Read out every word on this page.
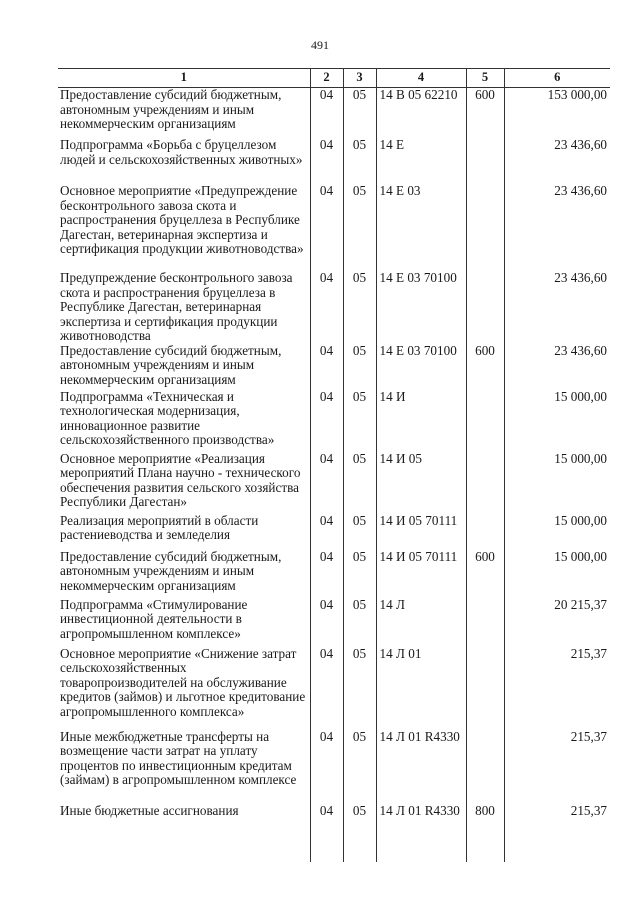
491
1	2	3	4	5	6
Предоставление субсидий бюджетным, автономным учреждениям и иным некоммерческим организациям	04	05	14 В 05 62210	600	153 000,00
Подпрограмма «Борьба с бруцеллезом людей и сельскохозяйственных животных»	04	05	14 Е		23 436,60
Основное мероприятие «Предупреждение бесконтрольного завоза скота и распространения бруцеллеза в Республике Дагестан, ветеринарная экспертиза и сертификация продукции животноводства»	04	05	14 Е 03		23 436,60
Предупреждение бесконтрольного завоза скота и распространения бруцеллеза в Республике Дагестан, ветеринарная экспертиза и сертификация продукции животноводства	04	05	14 Е 03 70100		23 436,60
Предоставление субсидий бюджетным, автономным учреждениям и иным некоммерческим организациям	04	05	14 Е 03 70100	600	23 436,60
Подпрограмма «Техническая и технологическая модернизация, инновационное развитие сельскохозяйственного производства»	04	05	14 И		15 000,00
Основное мероприятие «Реализация мероприятий Плана научно - технического обеспечения развития сельского хозяйства Республики Дагестан»	04	05	14 И 05		15 000,00
Реализация мероприятий в области растениеводства и земледелия	04	05	14 И 05 70111		15 000,00
Предоставление субсидий бюджетным, автономным учреждениям и иным некоммерческим организациям	04	05	14 И 05 70111	600	15 000,00
Подпрограмма «Стимулирование инвестиционной деятельности в агропромышленном комплексе»	04	05	14 Л		20 215,37
Основное мероприятие «Снижение затрат сельскохозяйственных товаропроизводителей на обслуживание кредитов (займов) и льготное кредитование агропромышленного комплекса»	04	05	14 Л 01		215,37
Иные межбюджетные трансферты на возмещение части затрат на уплату процентов по инвестиционным кредитам (займам) в агропромышленном комплексе	04	05	14 Л 01 R4330		215,37
Иные бюджетные ассигнования	04	05	14 Л 01 R4330	800	215,37
